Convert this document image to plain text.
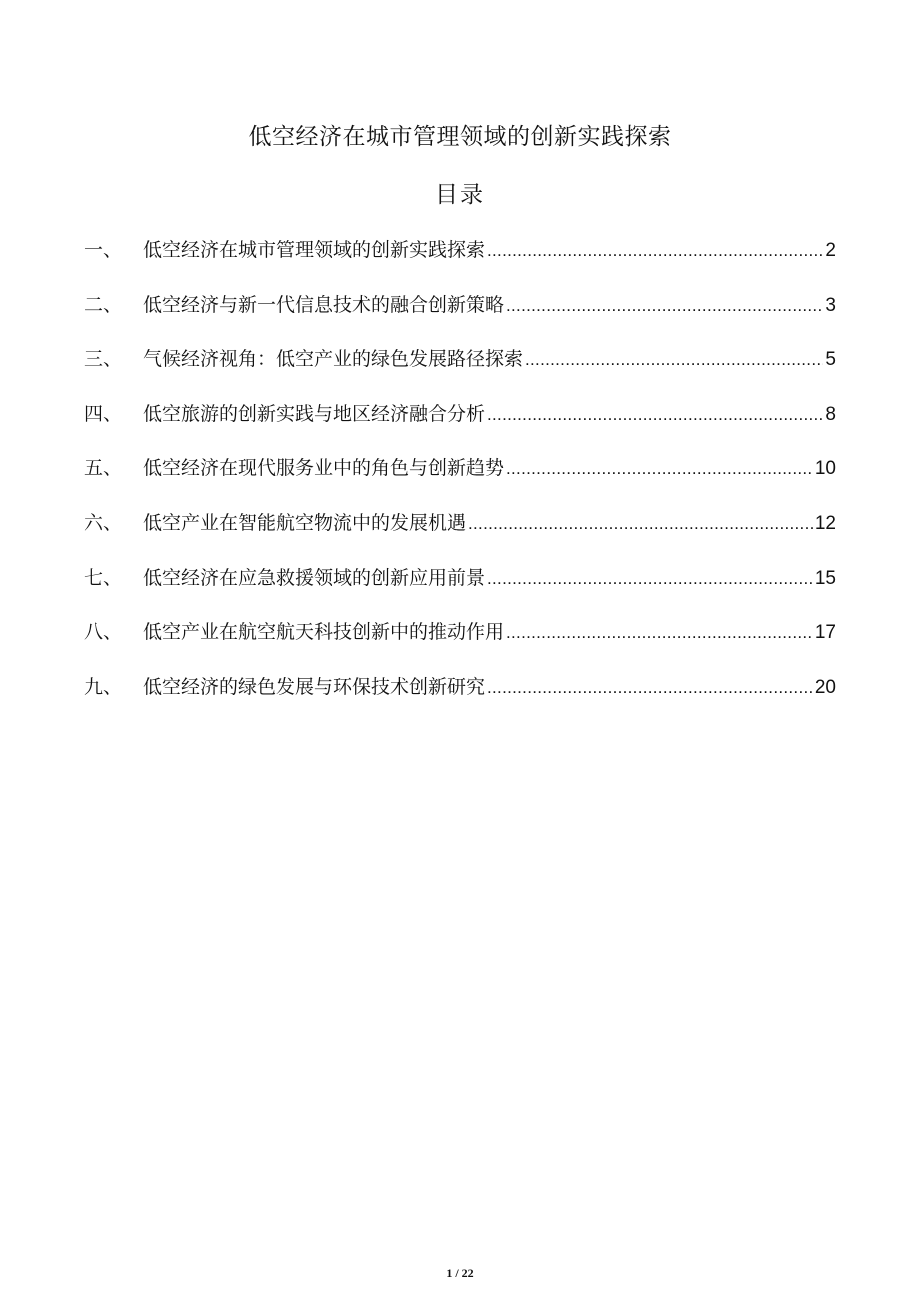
低空经济在城市管理领域的创新实践探索
目录
一、	低空经济在城市管理领域的创新实践探索 .....	2
二、	低空经济与新一代信息技术的融合创新策略 .....	3
三、	气候经济视角：低空产业的绿色发展路径探索 .....	5
四、	低空旅游的创新实践与地区经济融合分析 .....	8
五、	低空经济在现代服务业中的角色与创新趋势 .....	10
六、	低空产业在智能航空物流中的发展机遇 .....	12
七、	低空经济在应急救援领域的创新应用前景 .....	15
八、	低空产业在航空航天科技创新中的推动作用 .....	17
九、	低空经济的绿色发展与环保技术创新研究 .....	20
1 / 22
